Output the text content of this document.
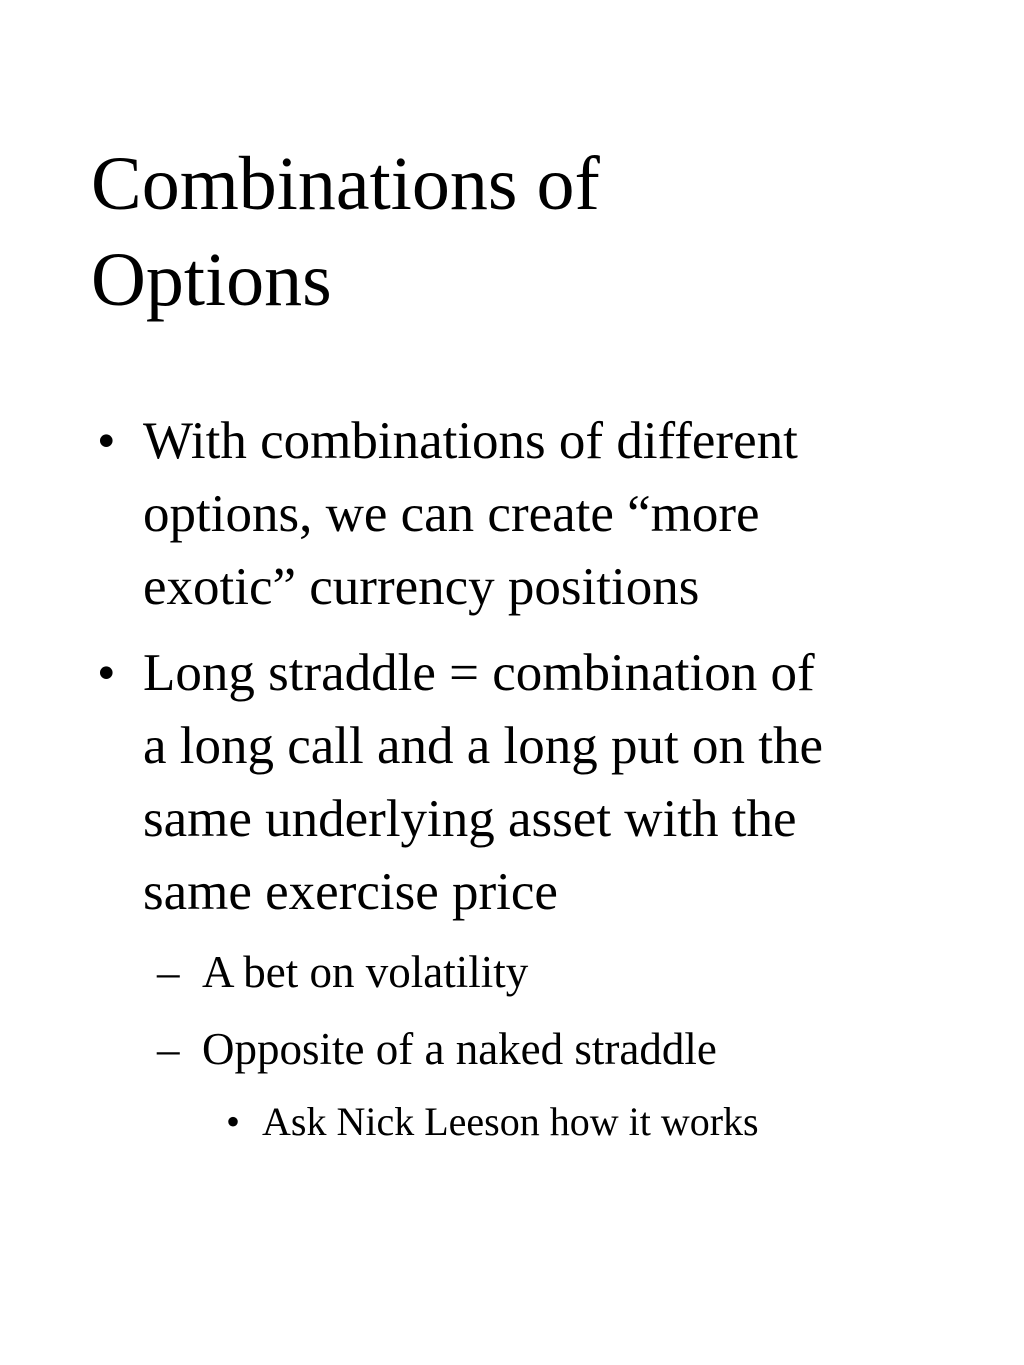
Combinations of
Options
• With combinations of different
options, we can create “more
exotic” currency positions
• Long straddle = combination of
a long call and a long put on the
same underlying asset with the
same exercise price
– A bet on volatility
– Opposite of a naked straddle
• Ask Nick Leeson how it works
